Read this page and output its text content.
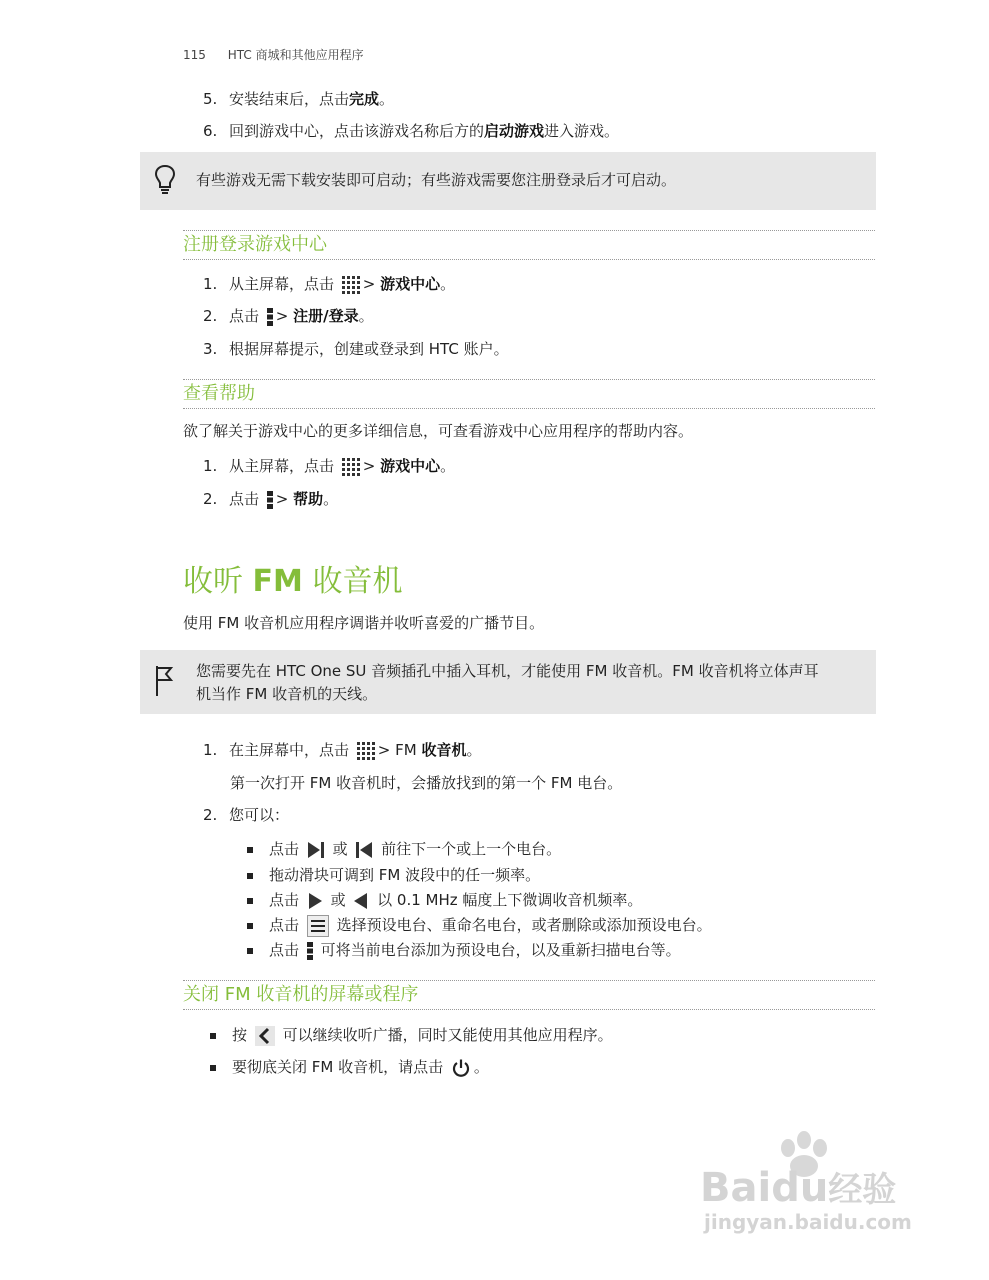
115 HTC 商城和其他应用程序
5. 安装结束后，点击完成。
6. 回到游戏中心，点击该游戏名称后方的启动游戏进入游戏。
有些游戏无需下载安装即可启动；有些游戏需要您注册登录后才可启动。
注册登录游戏中心
1. 从主屏幕，点击 > 游戏中心。
2. 点击 > 注册/登录。
3. 根据屏幕提示，创建或登录到 HTC 账户。
查看帮助
欲了解关于游戏中心的更多详细信息，可查看游戏中心应用程序的帮助内容。
1. 从主屏幕，点击 > 游戏中心。
2. 点击 > 帮助。
收听 FM 收音机
使用 FM 收音机应用程序调谐并收听喜爱的广播节目。
您需要先在 HTC One SU 音频插孔中插入耳机，才能使用 FM 收音机。FM 收音机将立体声耳
机当作 FM 收音机的天线。
1. 在主屏幕中，点击 > FM 收音机。
第一次打开 FM 收音机时，会播放找到的第一个 FM 电台。
2. 您可以：
点击 或 前往下一个或上一个电台。
拖动滑块可调到 FM 波段中的任一频率。
点击 或 以 0.1 MHz 幅度上下微调收音机频率。
点击	选择预设电台、重命名电台，或者删除或添加预设电台。
点击 可将当前电台添加为预设电台，以及重新扫描电台等。
关闭 FM 收音机的屏幕或程序
按 可以继续收听广播，同时又能使用其他应用程序。
要彻底关闭 FM 收音机，请点击 。
Baidu经验
jingyan.baidu.com
